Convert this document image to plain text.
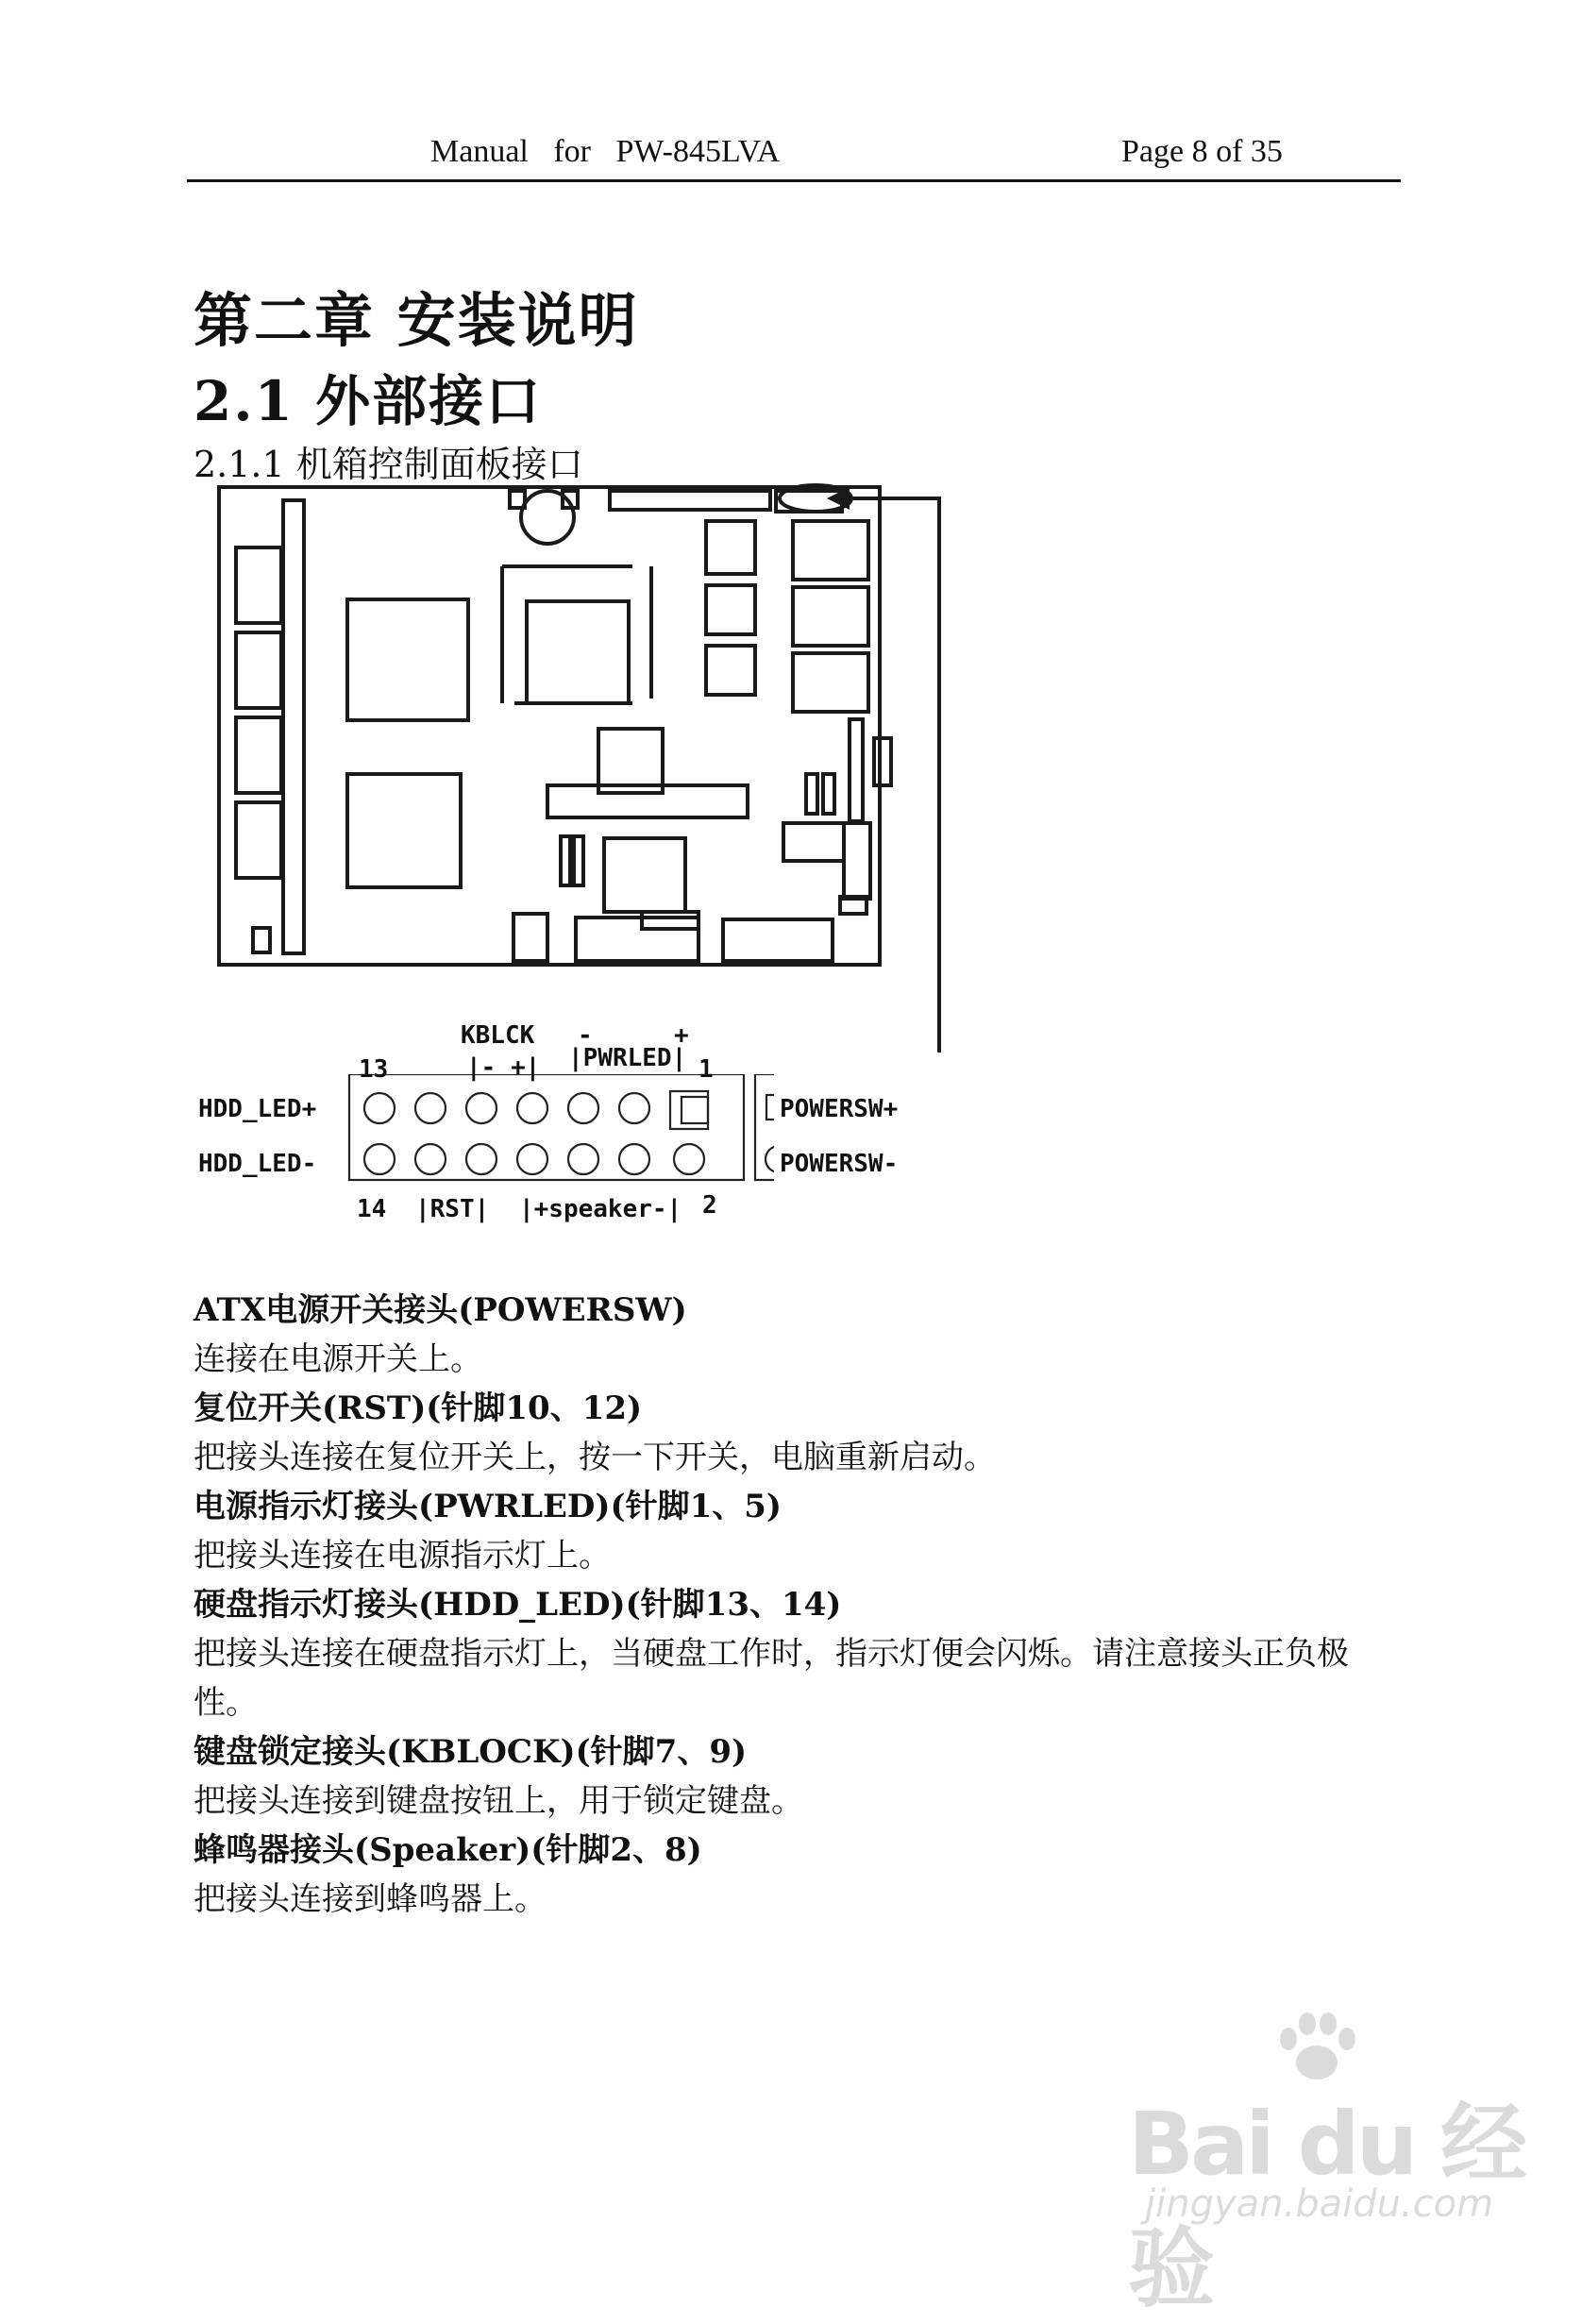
Manual for PW-845LVA	Page 8 of 35
第二章 安装说明
2.1 外部接口
2.1.1 机箱控制面板接口
KBLCK
|- +|
-
|PWRLED|
+
13	1
HDD_LED+
HDD_LED-
POWERSW+
POWERSW-
14 |RST| |+speaker-| 2

ATX电源开关接头(POWERSW)

连接在电源开关上。

复位开关(RST)(针脚10、12)

把接头连接在复位开关上，按一下开关，电脑重新启动。

电源指示灯接头(PWRLED)(针脚1、5)

把接头连接在电源指示灯上。

硬盘指示灯接头(HDD_LED)(针脚13、14)

把接头连接在硬盘指示灯上，当硬盘工作时，指示灯便会闪烁。请注意接头正负极性。

键盘锁定接头(KBLOCK)(针脚7、9)

把接头连接到键盘按钮上，用于锁定键盘。

蜂鸣器接头(Speaker)(针脚2、8)

把接头连接到蜂鸣器上。

Bai du 经验
jingyan.baidu.com
